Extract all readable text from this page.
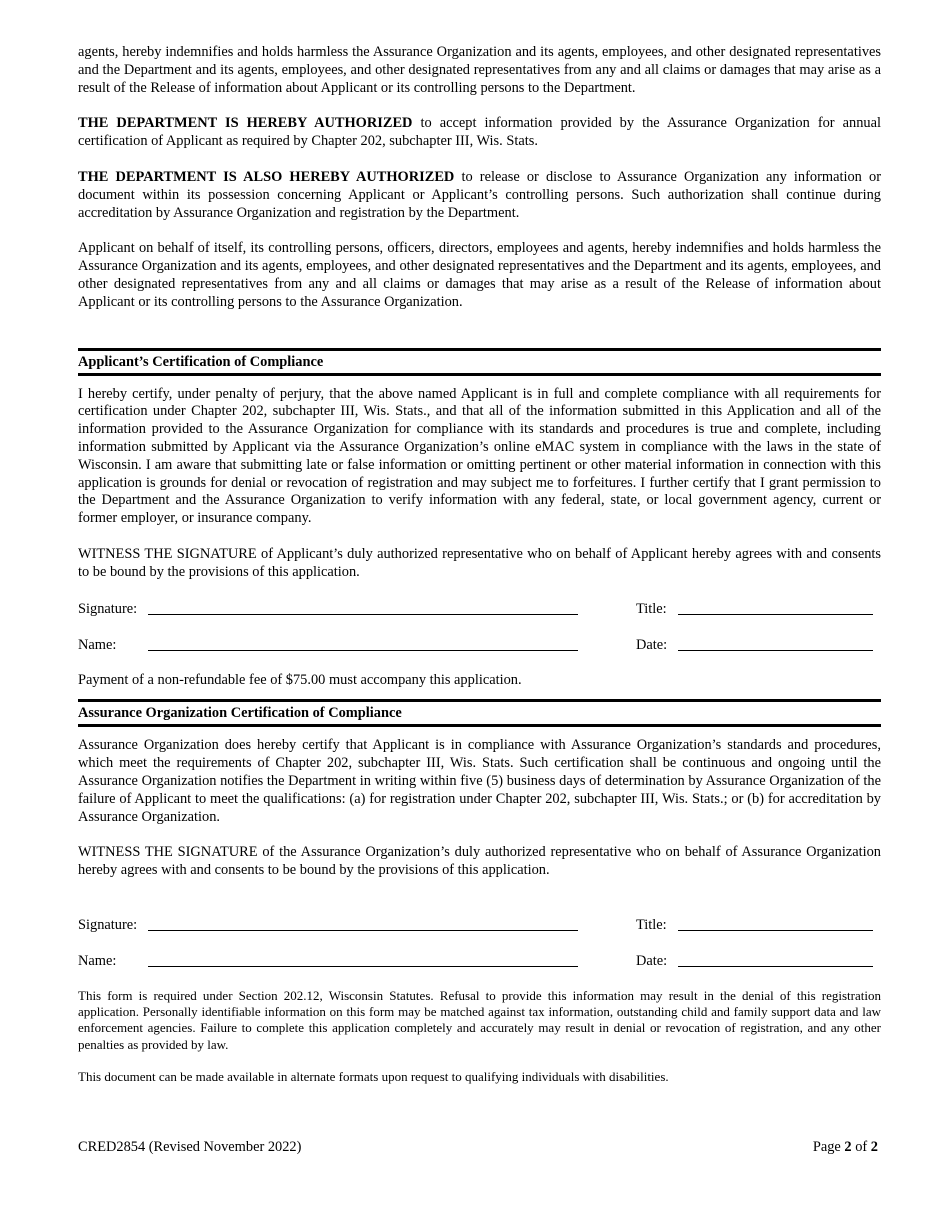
agents, hereby indemnifies and holds harmless the Assurance Organization and its agents, employees, and other designated representatives and the Department and its agents, employees, and other designated representatives from any and all claims or damages that may arise as a result of the Release of information about Applicant or its controlling persons to the Department.

THE DEPARTMENT IS HEREBY AUTHORIZED to accept information provided by the Assurance Organization for annual certification of Applicant as required by Chapter 202, subchapter III, Wis. Stats.

THE DEPARTMENT IS ALSO HEREBY AUTHORIZED to release or disclose to Assurance Organization any information or document within its possession concerning Applicant or Applicant’s controlling persons. Such authorization shall continue during accreditation by Assurance Organization and registration by the Department.

Applicant on behalf of itself, its controlling persons, officers, directors, employees and agents, hereby indemnifies and holds harmless the Assurance Organization and its agents, employees, and other designated representatives and the Department and its agents, employees, and other designated representatives from any and all claims or damages that may arise as a result of the Release of information about Applicant or its controlling persons to the Assurance Organization.

Applicant’s Certification of Compliance

I hereby certify, under penalty of perjury, that the above named Applicant is in full and complete compliance with all requirements for certification under Chapter 202, subchapter III, Wis. Stats., and that all of the information submitted in this Application and all of the information provided to the Assurance Organization for compliance with its standards and procedures is true and complete, including information submitted by Applicant via the Assurance Organization’s online eMAC system in compliance with the laws in the state of Wisconsin. I am aware that submitting late or false information or omitting pertinent or other material information in connection with this application is grounds for denial or revocation of registration and may subject me to forfeitures. I further certify that I grant permission to the Department and the Assurance Organization to verify information with any federal, state, or local government agency, current or former employer, or insurance company.

WITNESS THE SIGNATURE of Applicant’s duly authorized representative who on behalf of Applicant hereby agrees with and consents to be bound by the provisions of this application.

Signature:	Title:
Name:	Date:

Payment of a non-refundable fee of $75.00 must accompany this application.

Assurance Organization Certification of Compliance

Assurance Organization does hereby certify that Applicant is in compliance with Assurance Organization’s standards and procedures, which meet the requirements of Chapter 202, subchapter III, Wis. Stats. Such certification shall be continuous and ongoing until the Assurance Organization notifies the Department in writing within five (5) business days of determination by Assurance Organization of the failure of Applicant to meet the qualifications: (a) for registration under Chapter 202, subchapter III, Wis. Stats.; or (b) for accreditation by Assurance Organization.

WITNESS THE SIGNATURE of the Assurance Organization’s duly authorized representative who on behalf of Assurance Organization hereby agrees with and consents to be bound by the provisions of this application.

Signature:	Title:
Name:	Date:

This form is required under Section 202.12, Wisconsin Statutes. Refusal to provide this information may result in the denial of this registration application. Personally identifiable information on this form may be matched against tax information, outstanding child and family support data and law enforcement agencies. Failure to complete this application completely and accurately may result in denial or revocation of registration, and any other penalties as provided by law.

This document can be made available in alternate formats upon request to qualifying individuals with disabilities.

CRED2854 (Revised November 2022)	Page 2 of 2
